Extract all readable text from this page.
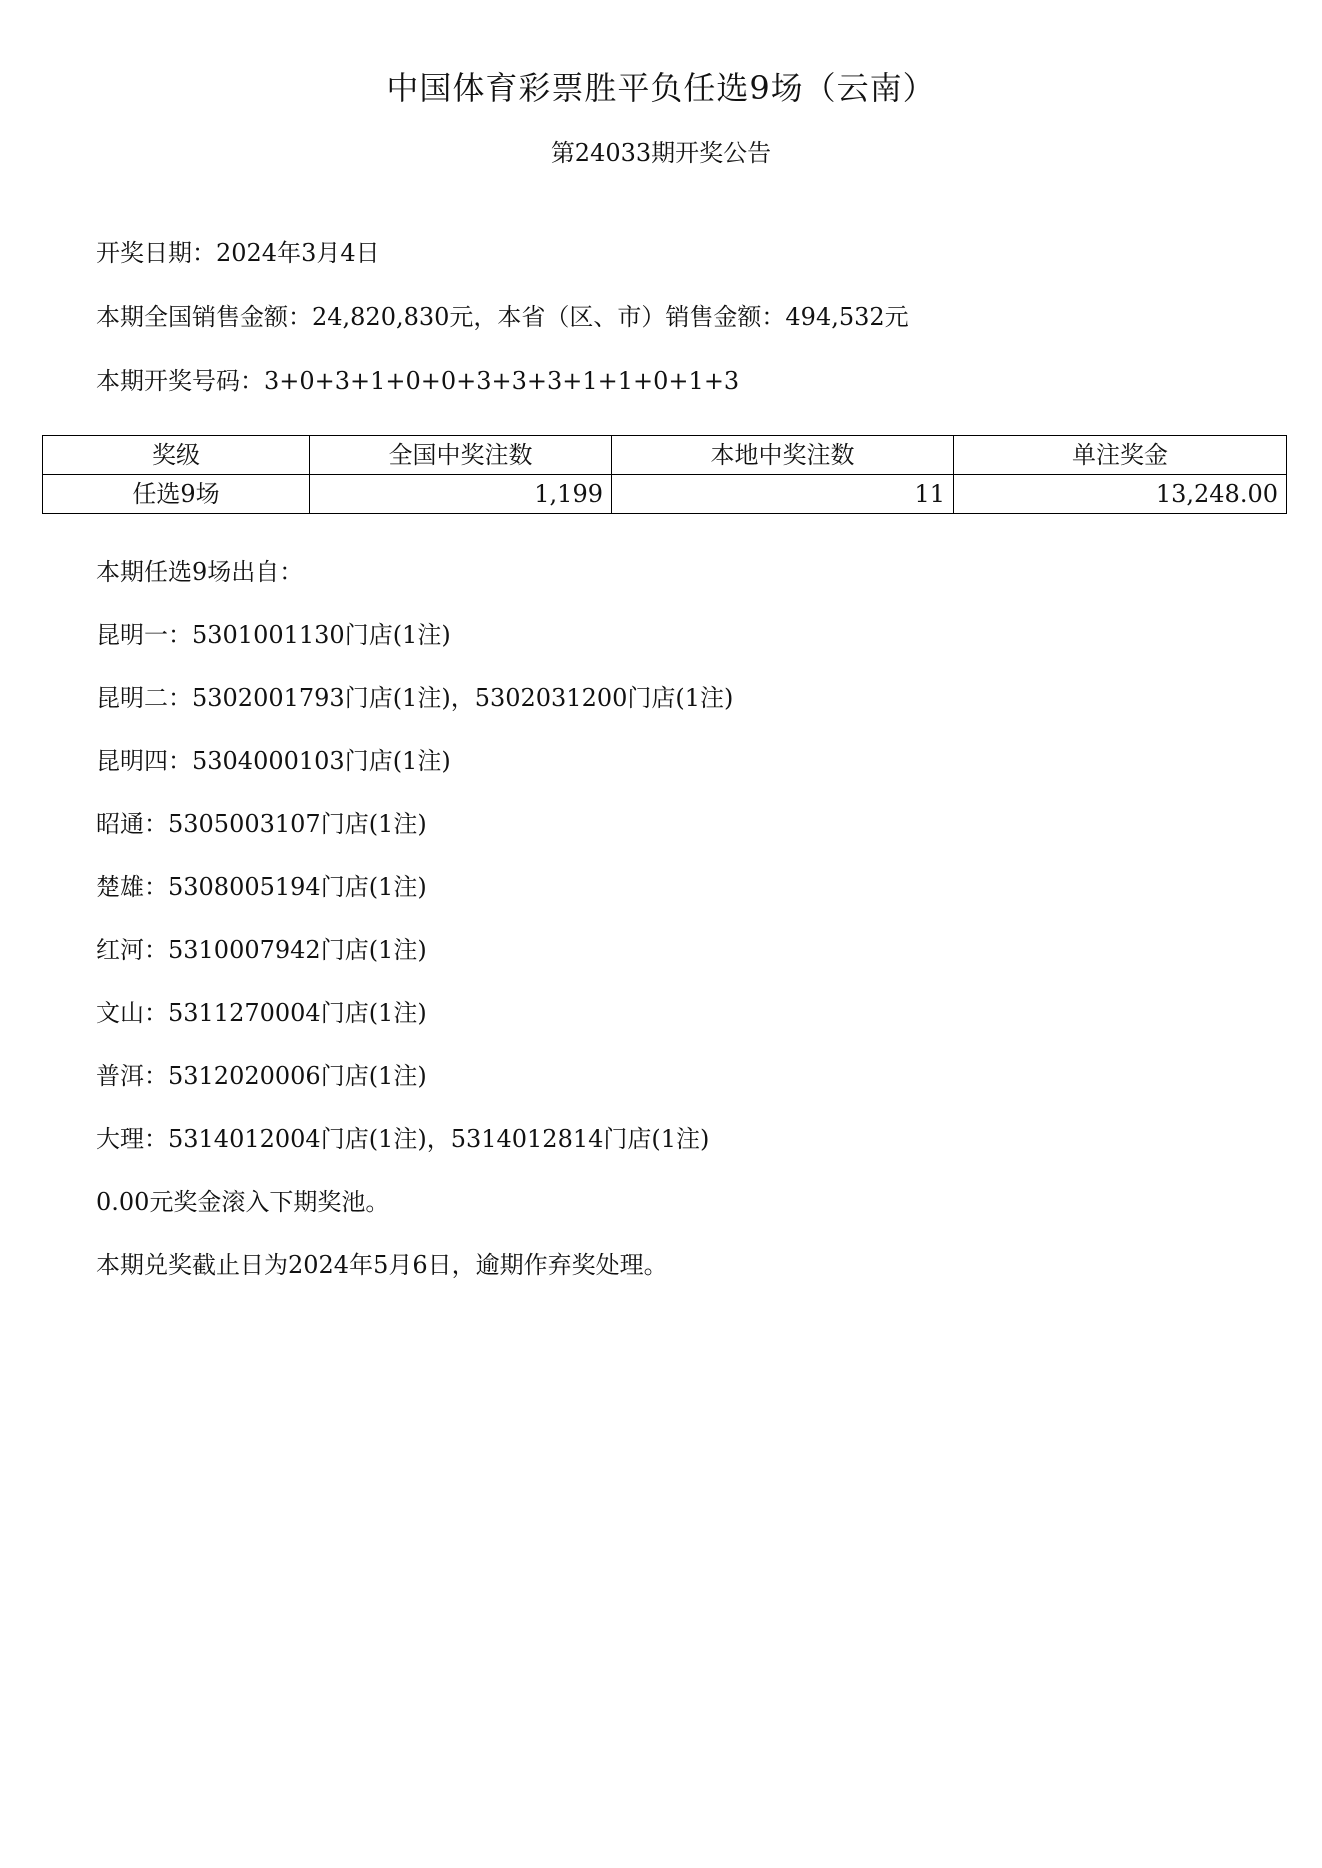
中国体育彩票胜平负任选9场（云南）
第24033期开奖公告
开奖日期：2024年3月4日
本期全国销售金额：24,820,830元，本省（区、市）销售金额：494,532元
本期开奖号码：3+0+3+1+0+0+3+3+3+1+1+0+1+3
奖级	全国中奖注数	本地中奖注数	单注奖金
任选9场	1,199	11	13,248.00
本期任选9场出自：
昆明一：5301001130门店(1注)
昆明二：5302001793门店(1注)，5302031200门店(1注)
昆明四：5304000103门店(1注)
昭通：5305003107门店(1注)
楚雄：5308005194门店(1注)
红河：5310007942门店(1注)
文山：5311270004门店(1注)
普洱：5312020006门店(1注)
大理：5314012004门店(1注)，5314012814门店(1注)
0.00元奖金滚入下期奖池。
本期兑奖截止日为2024年5月6日，逾期作弃奖处理。
